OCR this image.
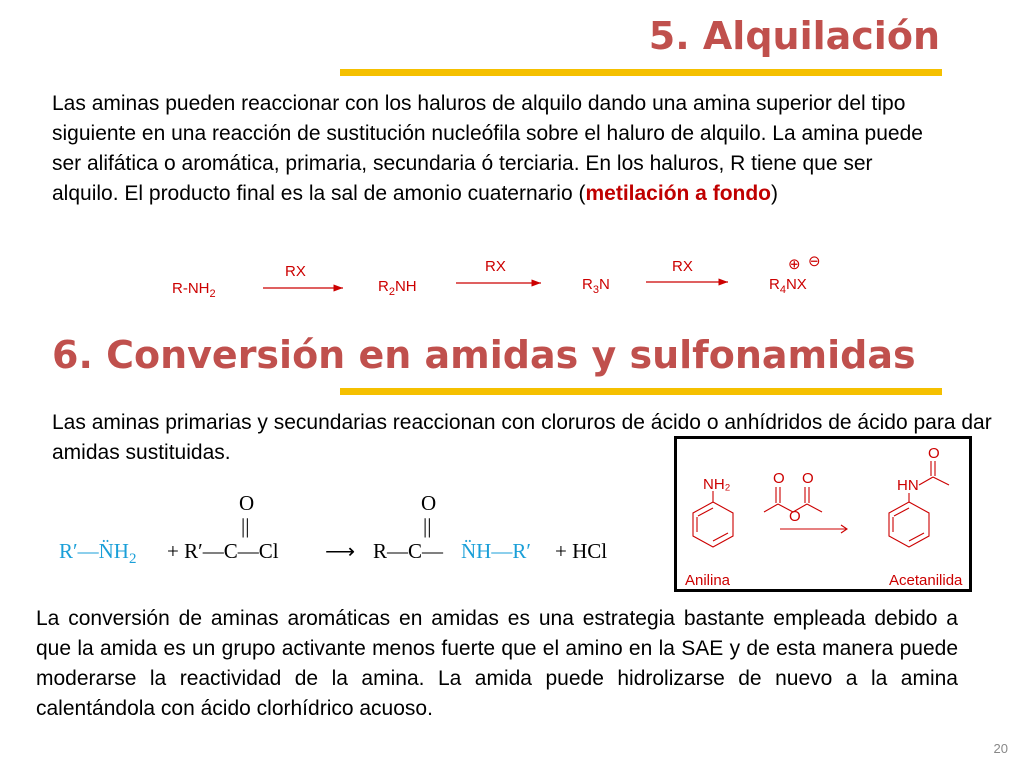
5. Alquilación
Las aminas pueden reaccionar con los haluros de alquilo dando una amina superior del tipo siguiente en una reacción de sustitución nucleófila sobre el haluro de alquilo. La amina puede ser alifática o aromática, primaria, secundaria ó terciaria. En los haluros, R tiene que ser alquilo. El producto final es la sal de amonio cuaternario (metilación a fondo)
$R-NH_2$
RX
$R_2NH$
RX
$R_3N$
RX
$R_4NX$
⊕ ⊖
6. Conversión en amidas y sulfonamidas
Las aminas primarias y secundarias reaccionan con cloruros de ácido o anhídridos de ácido para dar amidas sustituidas.
$R'—N̈H_2$ + R′—C—Cl
O
||
⟶ R—C—
O
||
N̈H—R′ + HCl
NH₂	O O
O
HN
O
Anilina	Acetanilida
La conversión de aminas aromáticas en amidas es una estrategia bastante empleada debido a que la amida es un grupo activante menos fuerte que el amino en la SAE y de esta manera puede moderarse la reactividad de la amina. La amida puede hidrolizarse de nuevo a la amina calentándola con ácido clorhídrico acuoso.
20
